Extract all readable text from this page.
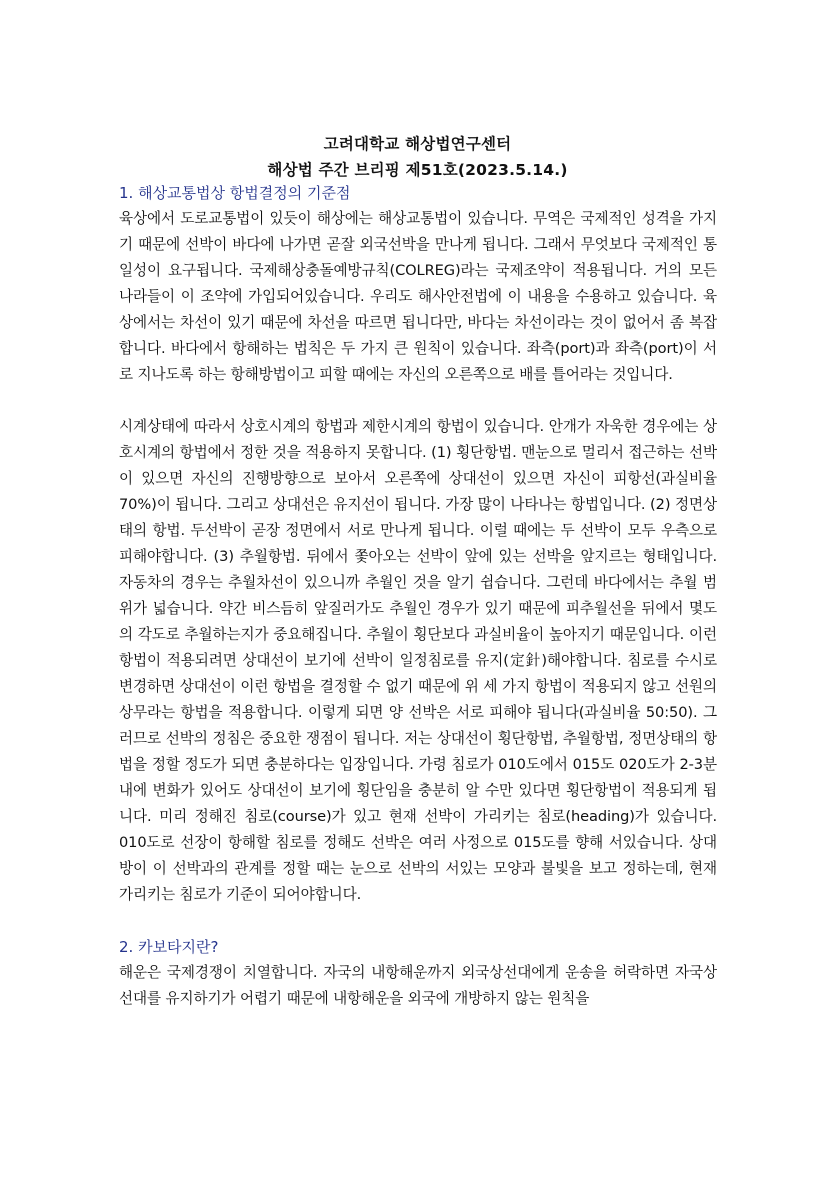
고려대학교 해상법연구센터
해상법 주간 브리핑 제51호(2023.5.14.)
1. 해상교통법상 항법결정의 기준점

육상에서 도로교통법이 있듯이 해상에는 해상교통법이 있습니다. 무역은 국제적인 성격을 가지기 때문에 선박이 바다에 나가면 곧잘 외국선박을 만나게 됩니다. 그래서 무엇보다 국제적인 통일성이 요구됩니다. 국제해상충돌예방규칙(COLREG)라는 국제조약이 적용됩니다. 거의 모든 나라들이 이 조약에 가입되어있습니다. 우리도 해사안전법에 이 내용을 수용하고 있습니다. 육상에서는 차선이 있기 때문에 차선을 따르면 됩니다만, 바다는 차선이라는 것이 없어서 좀 복잡합니다. 바다에서 항해하는 법칙은 두 가지 큰 원칙이 있습니다. 좌측(port)과 좌측(port)이 서로 지나도록 하는 항해방법이고 피할 때에는 자신의 오른쪽으로 배를 틀어라는 것입니다.

시계상태에 따라서 상호시계의 항법과 제한시계의 항법이 있습니다. 안개가 자욱한 경우에는 상호시계의 항법에서 정한 것을 적용하지 못합니다. (1) 횡단항법. 맨눈으로 멀리서 접근하는 선박이 있으면 자신의 진행방향으로 보아서 오른쪽에 상대선이 있으면 자신이 피항선(과실비율 70%)이 됩니다. 그리고 상대선은 유지선이 됩니다. 가장 많이 나타나는 항법입니다. (2) 정면상태의 항법. 두선박이 곧장 정면에서 서로 만나게 됩니다. 이럴 때에는 두 선박이 모두 우측으로 피해야합니다. (3) 추월항법. 뒤에서 쫓아오는 선박이 앞에 있는 선박을 앞지르는 형태입니다. 자동차의 경우는 추월차선이 있으니까 추월인 것을 알기 쉽습니다. 그런데 바다에서는 추월 범위가 넓습니다. 약간 비스듬히 앞질러가도 추월인 경우가 있기 때문에 피추월선을 뒤에서 몇도의 각도로 추월하는지가 중요해집니다. 추월이 횡단보다 과실비율이 높아지기 때문입니다. 이런 항법이 적용되려면 상대선이 보기에 선박이 일정침로를 유지(定針)해야합니다. 침로를 수시로 변경하면 상대선이 이런 항법을 결정할 수 없기 때문에 위 세 가지 항법이 적용되지 않고 선원의 상무라는 항법을 적용합니다. 이렇게 되면 양 선박은 서로 피해야 됩니다(과실비율 50:50). 그러므로 선박의 정침은 중요한 쟁점이 됩니다. 저는 상대선이 횡단항법, 추월항법, 정면상태의 항법을 정할 정도가 되면 충분하다는 입장입니다. 가령 침로가 010도에서 015도 020도가 2-3분 내에 변화가 있어도 상대선이 보기에 횡단임을 충분히 알 수만 있다면 횡단항법이 적용되게 됩니다. 미리 정해진 침로(course)가 있고 현재 선박이 가리키는 침로(heading)가 있습니다. 010도로 선장이 항해할 침로를 정해도 선박은 여러 사정으로 015도를 향해 서있습니다. 상대방이 이 선박과의 관계를 정할 때는 눈으로 선박의 서있는 모양과 불빛을 보고 정하는데, 현재 가리키는 침로가 기준이 되어야합니다.

2. 카보타지란?

해운은 국제경쟁이 치열합니다. 자국의 내항해운까지 외국상선대에게 운송을 허락하면 자국상선대를 유지하기가 어렵기 때문에 내항해운을 외국에 개방하지 않는 원칙을
